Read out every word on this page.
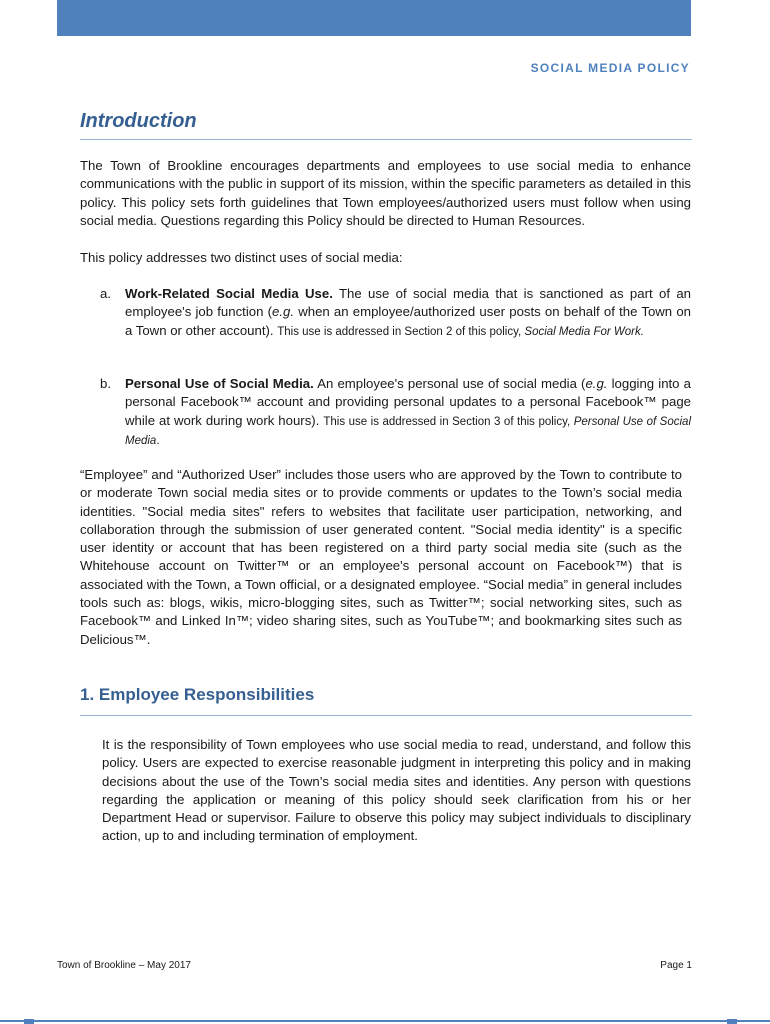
SOCIAL MEDIA POLICY
Introduction

The Town of Brookline encourages departments and employees to use social media to enhance communications with the public in support of its mission, within the specific parameters as detailed in this policy. This policy sets forth guidelines that Town employees/authorized users must follow when using social media. Questions regarding this Policy should be directed to Human Resources.

This policy addresses two distinct uses of social media:

a. Work-Related Social Media Use. The use of social media that is sanctioned as part of an employee's job function (e.g. when an employee/authorized user posts on behalf of the Town on a Town or other account). This use is addressed in Section 2 of this policy, Social Media For Work.

b. Personal Use of Social Media. An employee's personal use of social media (e.g. logging into a personal Facebook™ account and providing personal updates to a personal Facebook™ page while at work during work hours). This use is addressed in Section 3 of this policy, Personal Use of Social Media.

“Employee” and “Authorized User” includes those users who are approved by the Town to contribute to or moderate Town social media sites or to provide comments or updates to the Town’s social media identities. "Social media sites" refers to websites that facilitate user participation, networking, and collaboration through the submission of user generated content. "Social media identity" is a specific user identity or account that has been registered on a third party social media site (such as the Whitehouse account on Twitter™ or an employee's personal account on Facebook™) that is associated with the Town, a Town official, or a designated employee. “Social media” in general includes tools such as: blogs, wikis, micro-blogging sites, such as Twitter™; social networking sites, such as Facebook™ and Linked In™; video sharing sites, such as YouTube™; and bookmarking sites such as Delicious™.

1. Employee Responsibilities

It is the responsibility of Town employees who use social media to read, understand, and follow this policy. Users are expected to exercise reasonable judgment in interpreting this policy and in making decisions about the use of the Town’s social media sites and identities. Any person with questions regarding the application or meaning of this policy should seek clarification from his or her Department Head or supervisor. Failure to observe this policy may subject individuals to disciplinary action, up to and including termination of employment.

Town of Brookline – May 2017	Page 1
